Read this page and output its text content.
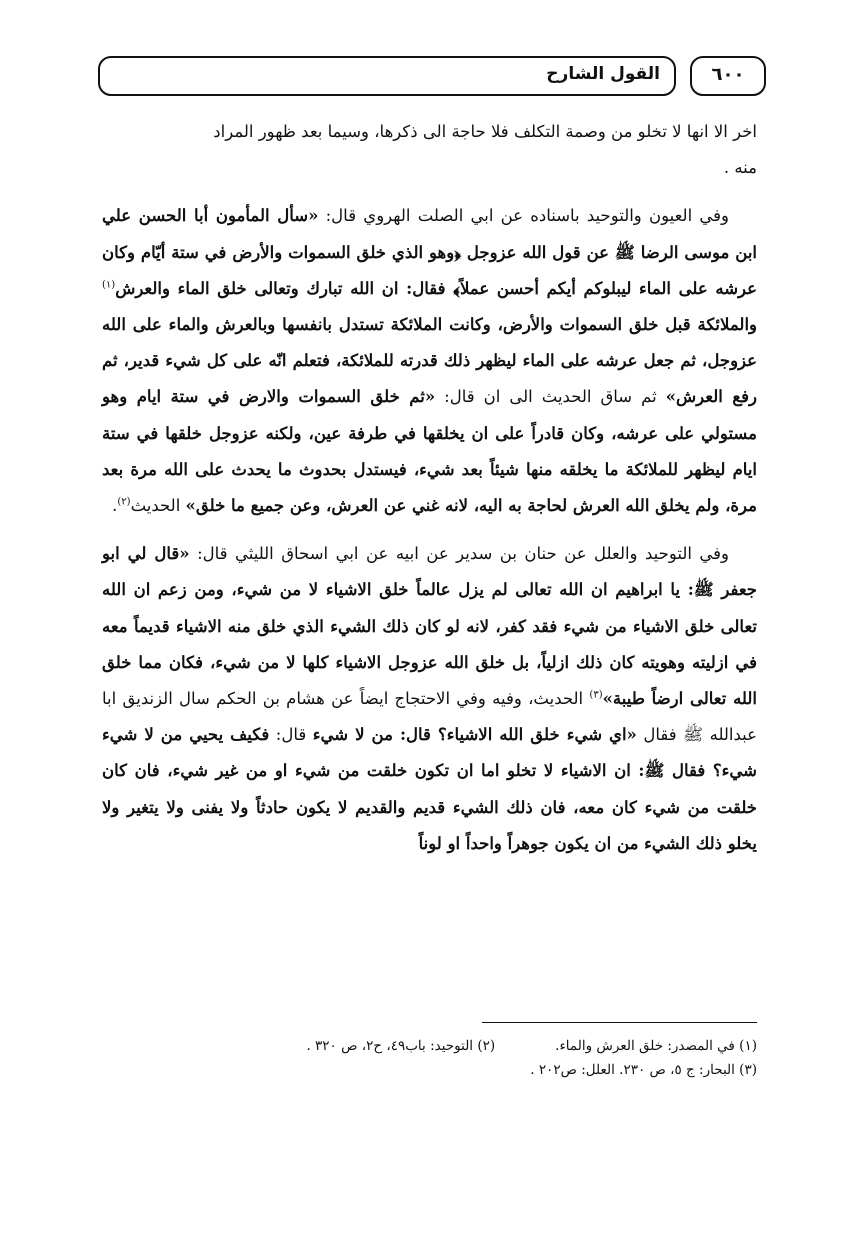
القول الشارح	٦٠٠

اخر الا انها لا تخلو من وصمة التكلف فلا حاجة الى ذكرها، وسيما بعد ظهور المراد
منه .

وفي العيون والتوحيد باسناده عن ابي الصلت الهروي قال: «سأل المأمون أبا الحسن علي ابن موسى الرضا ﷺ عن قول الله عزوجل ﴿وهو الذي خلق السموات والأرض في ستة أيّام وكان عرشه على الماء ليبلوكم أيكم أحسن عملاً﴾ فقال: ان الله تبارك وتعالى خلق الماء والعرش$^{(١)}$ والملائكة قبل خلق السموات والأرض، وكانت الملائكة تستدل بانفسها وبالعرش والماء على الله عزوجل، ثم جعل عرشه على الماء ليظهر ذلك قدرته للملائكة، فتعلم انّه على كل شيء قدير، ثم رفع العرش» ثم ساق الحديث الى ان قال: «ثم خلق السموات والارض في ستة ايام وهو مستولي على عرشه، وكان قادراً على ان يخلقها في طرفة عين، ولكنه عزوجل خلقها في ستة ايام ليظهر للملائكة ما يخلقه منها شيئاً بعد شيء، فيستدل بحدوث ما يحدث على الله مرة بعد مرة، ولم يخلق الله العرش لحاجة به اليه، لانه غني عن العرش، وعن جميع ما خلق» الحديث$^{(٢)}$.

وفي التوحيد والعلل عن حنان بن سدير عن ابيه عن ابي اسحاق الليثي قال: «قال لي ابو جعفر ﷺ: يا ابراهيم ان الله تعالى لم يزل عالماً خلق الاشياء لا من شيء، ومن زعم ان الله تعالى خلق الاشياء من شيء فقد كفر، لانه لو كان ذلك الشيء الذي خلق منه الاشياء قديماً معه في ازليته وهويته كان ذلك ازلياً، بل خلق الله عزوجل الاشياء كلها لا من شيء، فكان مما خلق الله تعالى ارضاً طيبة»$^{(٣)}$ الحديث، وفيه وفي الاحتجاج ايضاً عن هشام بن الحكم سال الزنديق ابا عبدالله ﷺ فقال «اي شيء خلق الله الاشياء؟ قال: من لا شيء قال: فكيف يحيي من لا شيء شيء؟ فقال ﷺ: ان الاشياء لا تخلو اما ان تكون خلقت من شيء او من غير شيء، فان كان خلقت من شيء كان معه، فان ذلك الشيء قديم والقديم لا يكون حادثاً ولا يفنى ولا يتغير ولا يخلو ذلك الشيء من ان يكون جوهراً واحداً او لوناً

(١) في المصدر: خلق العرش والماء.
(٢) التوحيد: باب٤٩، ح٢، ص ٣٢٠ .
(٣) البحار: ج ٥، ص ٢٣٠. العلل: ص٢٠٢ .
